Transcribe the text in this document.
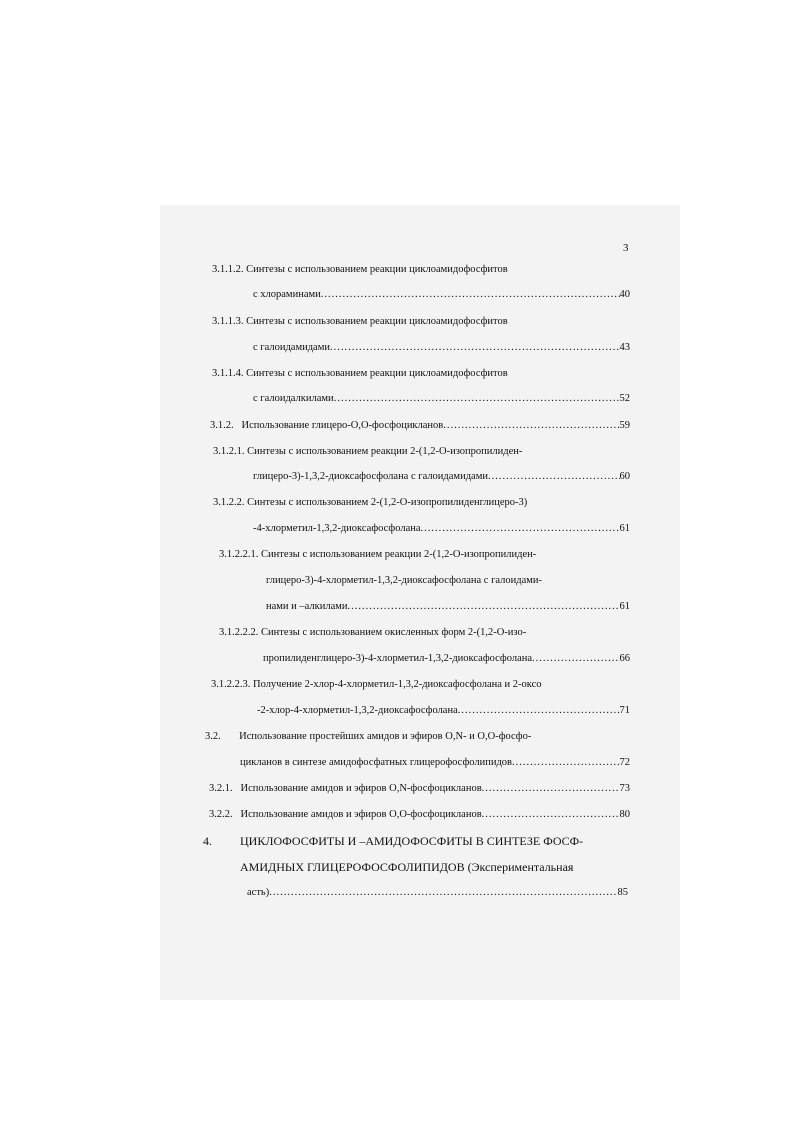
3
3.1.1.2. Синтезы с использованием реакции циклоамидофосфитов
с хлораминами .....	40
3.1.1.3. Синтезы с использованием реакции циклоамидофосфитов
с галоидамидами .....	43
3.1.1.4. Синтезы с использованием реакции циклоамидофосфитов
с галоидалкилами .....	52
3.1.2.   Использование глицеро-О,О-фосфоцикланов .....	59
3.1.2.1. Синтезы с использованием реакции 2-(1,2-О-изопропилиден-
глицеро-3)-1,3,2-диоксафосфолана с галоидамидами .....	60
3.1.2.2. Синтезы с использованием 2-(1,2-О-изопропилиденглицеро-3)
-4-хлорметил-1,3,2-диоксафосфолана .....	61
3.1.2.2.1. Синтезы с использованием реакции 2-(1,2-О-изопропилиден-
глицеро-3)-4-хлорметил-1,3,2-диоксафосфолана с галоидами-
нами и –алкилами .....	61
3.1.2.2.2. Синтезы с использованием окисленных форм 2-(1,2-О-изо-
пропилиденглицеро-3)-4-хлорметил-1,3,2-диоксафосфолана .....	66
3.1.2.2.3. Получение 2-хлор-4-хлорметил-1,3,2-диоксафосфолана и 2-оксо
-2-хлор-4-хлорметил-1,3,2-диоксафосфолана .....	71
3.2.       Использование простейших амидов и эфиров О,N- и О,О-фосфо-
цикланов в синтезе амидофосфатных глицерофосфолипидов .....	72
3.2.1.   Использование амидов и эфиров О,N-фосфоцикланов .....	73
3.2.2.   Использование амидов и эфиров О,О-фосфоцикланов .....	80
4. ЦИКЛОФОСФИТЫ И –АМИДОФОСФИТЫ В СИНТЕЗЕ ФОСФ-
АМИДНЫХ ГЛИЦЕРОФОСФОЛИПИДОВ (Экспериментальная
асть) .....	85
